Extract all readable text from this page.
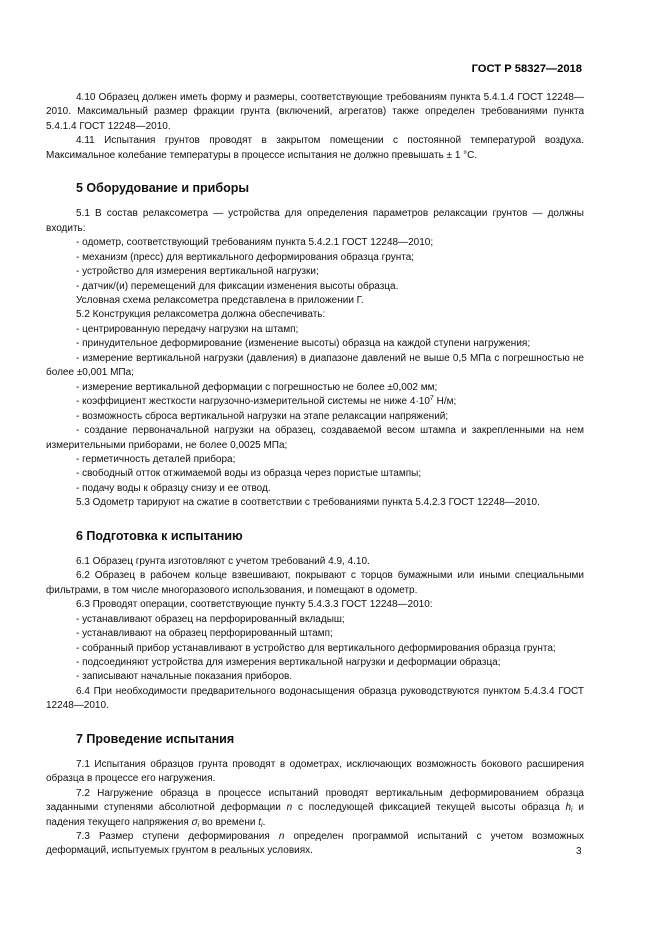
ГОСТ Р 58327—2018

4.10 Образец должен иметь форму и размеры, соответствующие требованиям пункта 5.4.1.4 ГОСТ 12248—2010. Максимальный размер фракции грунта (включений, агрегатов) также определен требованиями пункта 5.4.1.4 ГОСТ 12248—2010.

4.11 Испытания грунтов проводят в закрытом помещении с постоянной температурой воздуха. Максимальное колебание температуры в процессе испытания не должно превышать ± 1 °С.

5 Оборудование и приборы

5.1 В состав релаксометра — устройства для определения параметров релаксации грунтов — должны входить:

- одометр, соответствующий требованиям пункта 5.4.2.1 ГОСТ 12248—2010;

- механизм (пресс) для вертикального деформирования образца грунта;

- устройство для измерения вертикальной нагрузки;

- датчик/(и) перемещений для фиксации изменения высоты образца.

Условная схема релаксометра представлена в приложении Г.

5.2 Конструкция релаксометра должна обеспечивать:

- центрированную передачу нагрузки на штамп;

- принудительное деформирование (изменение высоты) образца на каждой ступени нагружения;

- измерение вертикальной нагрузки (давления) в диапазоне давлений не выше 0,5 МПа с погрешностью не более ±0,001 МПа;

- измерение вертикальной деформации с погрешностью не более ±0,002 мм;

- коэффициент жесткости нагрузочно-измерительной системы не ниже $4\cdot 10^7$ Н/м;

- возможность сброса вертикальной нагрузки на этапе релаксации напряжений;

- создание первоначальной нагрузки на образец, создаваемой весом штампа и закрепленными на нем измерительными приборами, не более 0,0025 МПа;

- герметичность деталей прибора;

- свободный отток отжимаемой воды из образца через пористые штампы;

- подачу воды к образцу снизу и ее отвод.

5.3 Одометр тарируют на сжатие в соответствии с требованиями пункта 5.4.2.3 ГОСТ 12248—2010.

6 Подготовка к испытанию

6.1 Образец грунта изготовляют с учетом требований 4.9, 4.10.

6.2 Образец в рабочем кольце взвешивают, покрывают с торцов бумажными или иными специальными фильтрами, в том числе многоразового использования, и помещают в одометр.

6.3 Проводят операции, соответствующие пункту 5.4.3.3 ГОСТ 12248—2010:

- устанавливают образец на перфорированный вкладыш;

- устанавливают на образец перфорированный штамп;

- собранный прибор устанавливают в устройство для вертикального деформирования образца грунта;

- подсоединяют устройства для измерения вертикальной нагрузки и деформации образца;

- записывают начальные показания приборов.

6.4 При необходимости предварительного водонасыщения образца руководствуются пунктом 5.4.3.4 ГОСТ 12248—2010.

7 Проведение испытания

7.1 Испытания образцов грунта проводят в одометрах, исключающих возможность бокового расширения образца в процессе его нагружения.

7.2 Нагружение образца в процессе испытаний проводят вертикальным деформированием образца заданными ступенями абсолютной деформации n с последующей фиксацией текущей высоты образца $h_i$ и падения текущего напряжения $\sigma_i$ во времени $t_i$.

7.3 Размер ступени деформирования n определен программой испытаний с учетом возможных деформаций, испытуемых грунтом в реальных условиях.	3
